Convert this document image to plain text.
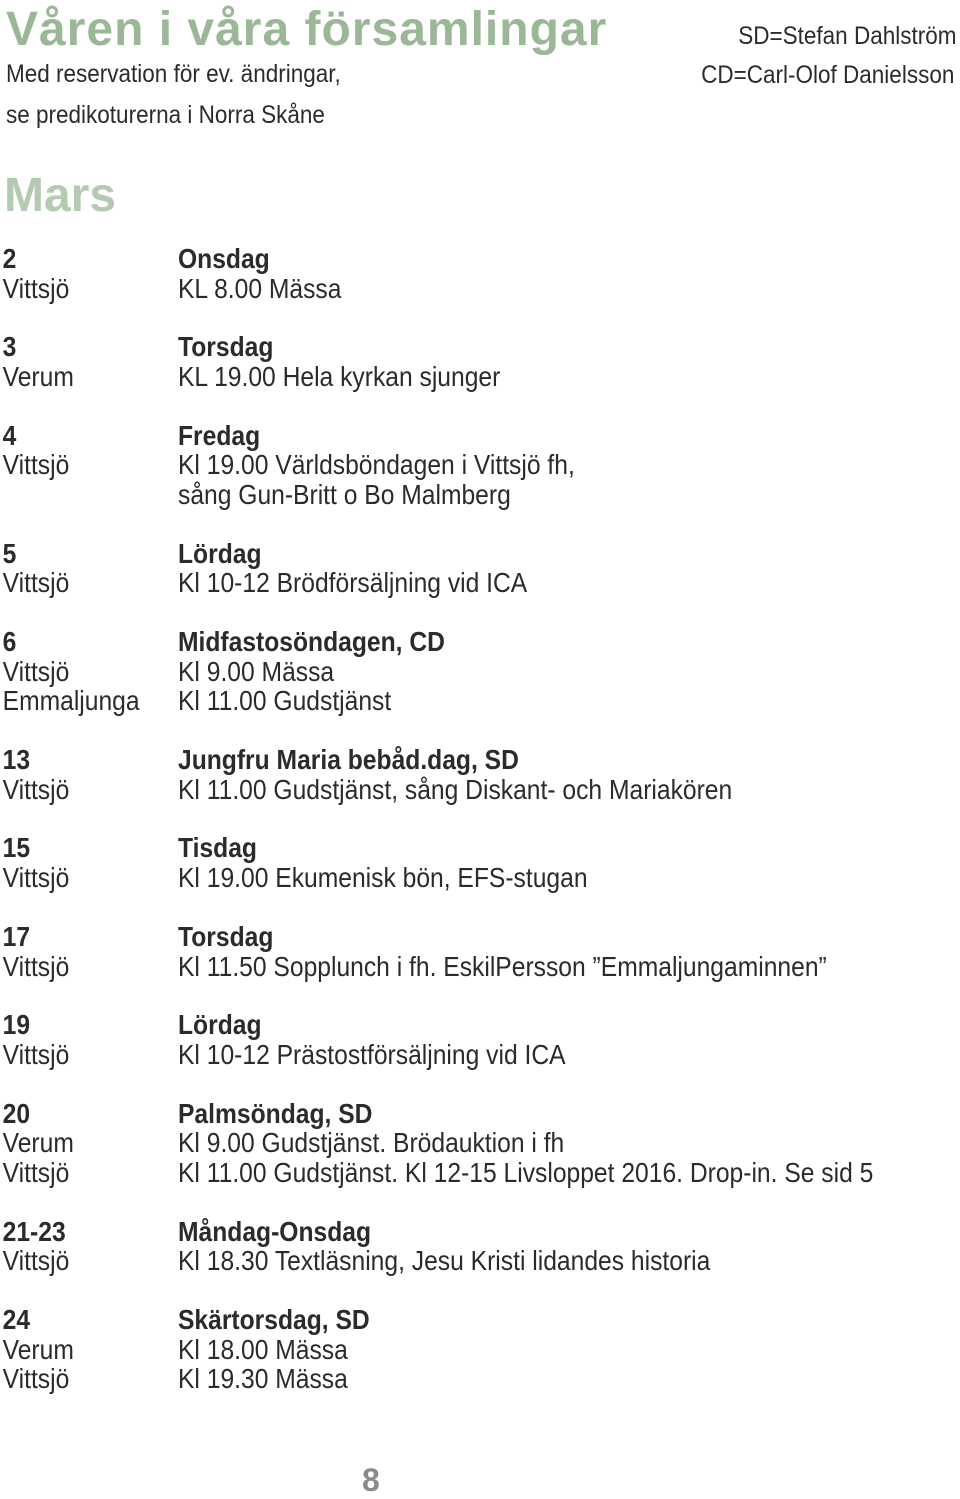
Våren i våra församlingar
Med reservation för ev. ändringar,
se predikoturerna i Norra Skåne
SD=Stefan Dahlström
CD=Carl-Olof Danielsson
Mars
2	Onsdag
Vittsjö	KL 8.00 Mässa
3	Torsdag
Verum	KL 19.00 Hela kyrkan sjunger
4	Fredag
Vittsjö	Kl 19.00 Världsböndagen i Vittsjö fh,
sång Gun-Britt o Bo Malmberg
5	Lördag
Vittsjö	Kl 10-12 Brödförsäljning vid ICA
6	Midfastosöndagen, CD
Vittsjö	Kl 9.00 Mässa
Emmaljunga	Kl 11.00 Gudstjänst
13	Jungfru Maria bebåd.dag, SD
Vittsjö	Kl 11.00 Gudstjänst, sång Diskant- och Mariakören
15	Tisdag
Vittsjö	Kl 19.00 Ekumenisk bön, EFS-stugan
17	Torsdag
Vittsjö	Kl 11.50 Sopplunch i fh. EskilPersson ”Emmaljungaminnen”
19	Lördag
Vittsjö	Kl 10-12 Prästostförsäljning vid ICA
20	Palmsöndag, SD
Verum	Kl 9.00 Gudstjänst. Brödauktion i fh
Vittsjö	Kl 11.00 Gudstjänst. Kl 12-15 Livsloppet 2016. Drop-in. Se sid 5
21-23	Måndag-Onsdag
Vittsjö	Kl 18.30 Textläsning, Jesu Kristi lidandes historia
24	Skärtorsdag, SD
Verum	Kl 18.00 Mässa
Vittsjö	Kl 19.30 Mässa
8
